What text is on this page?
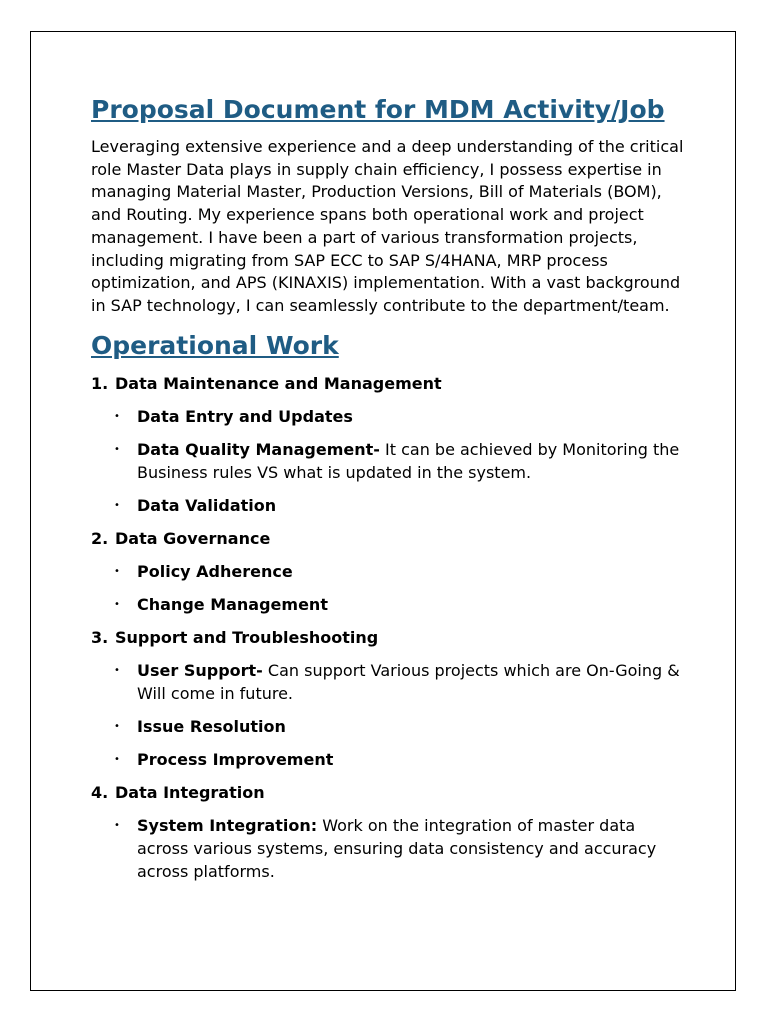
Proposal Document for MDM Activity/Job

Leveraging extensive experience and a deep understanding of the critical role Master Data plays in supply chain efficiency, I possess expertise in managing Material Master, Production Versions, Bill of Materials (BOM), and Routing. My experience spans both operational work and project management. I have been a part of various transformation projects, including migrating from SAP ECC to SAP S/4HANA, MRP process optimization, and APS (KINAXIS) implementation. With a vast background in SAP technology, I can seamlessly contribute to the department/team.

Operational Work
1. Data Maintenance and Management
• Data Entry and Updates
• Data Quality Management- It can be achieved by Monitoring the Business rules VS what is updated in the system.
• Data Validation
2. Data Governance
• Policy Adherence
• Change Management
3. Support and Troubleshooting
• User Support- Can support Various projects which are On-Going & Will come in future.
• Issue Resolution
• Process Improvement
4. Data Integration
• System Integration: Work on the integration of master data across various systems, ensuring data consistency and accuracy across platforms.
